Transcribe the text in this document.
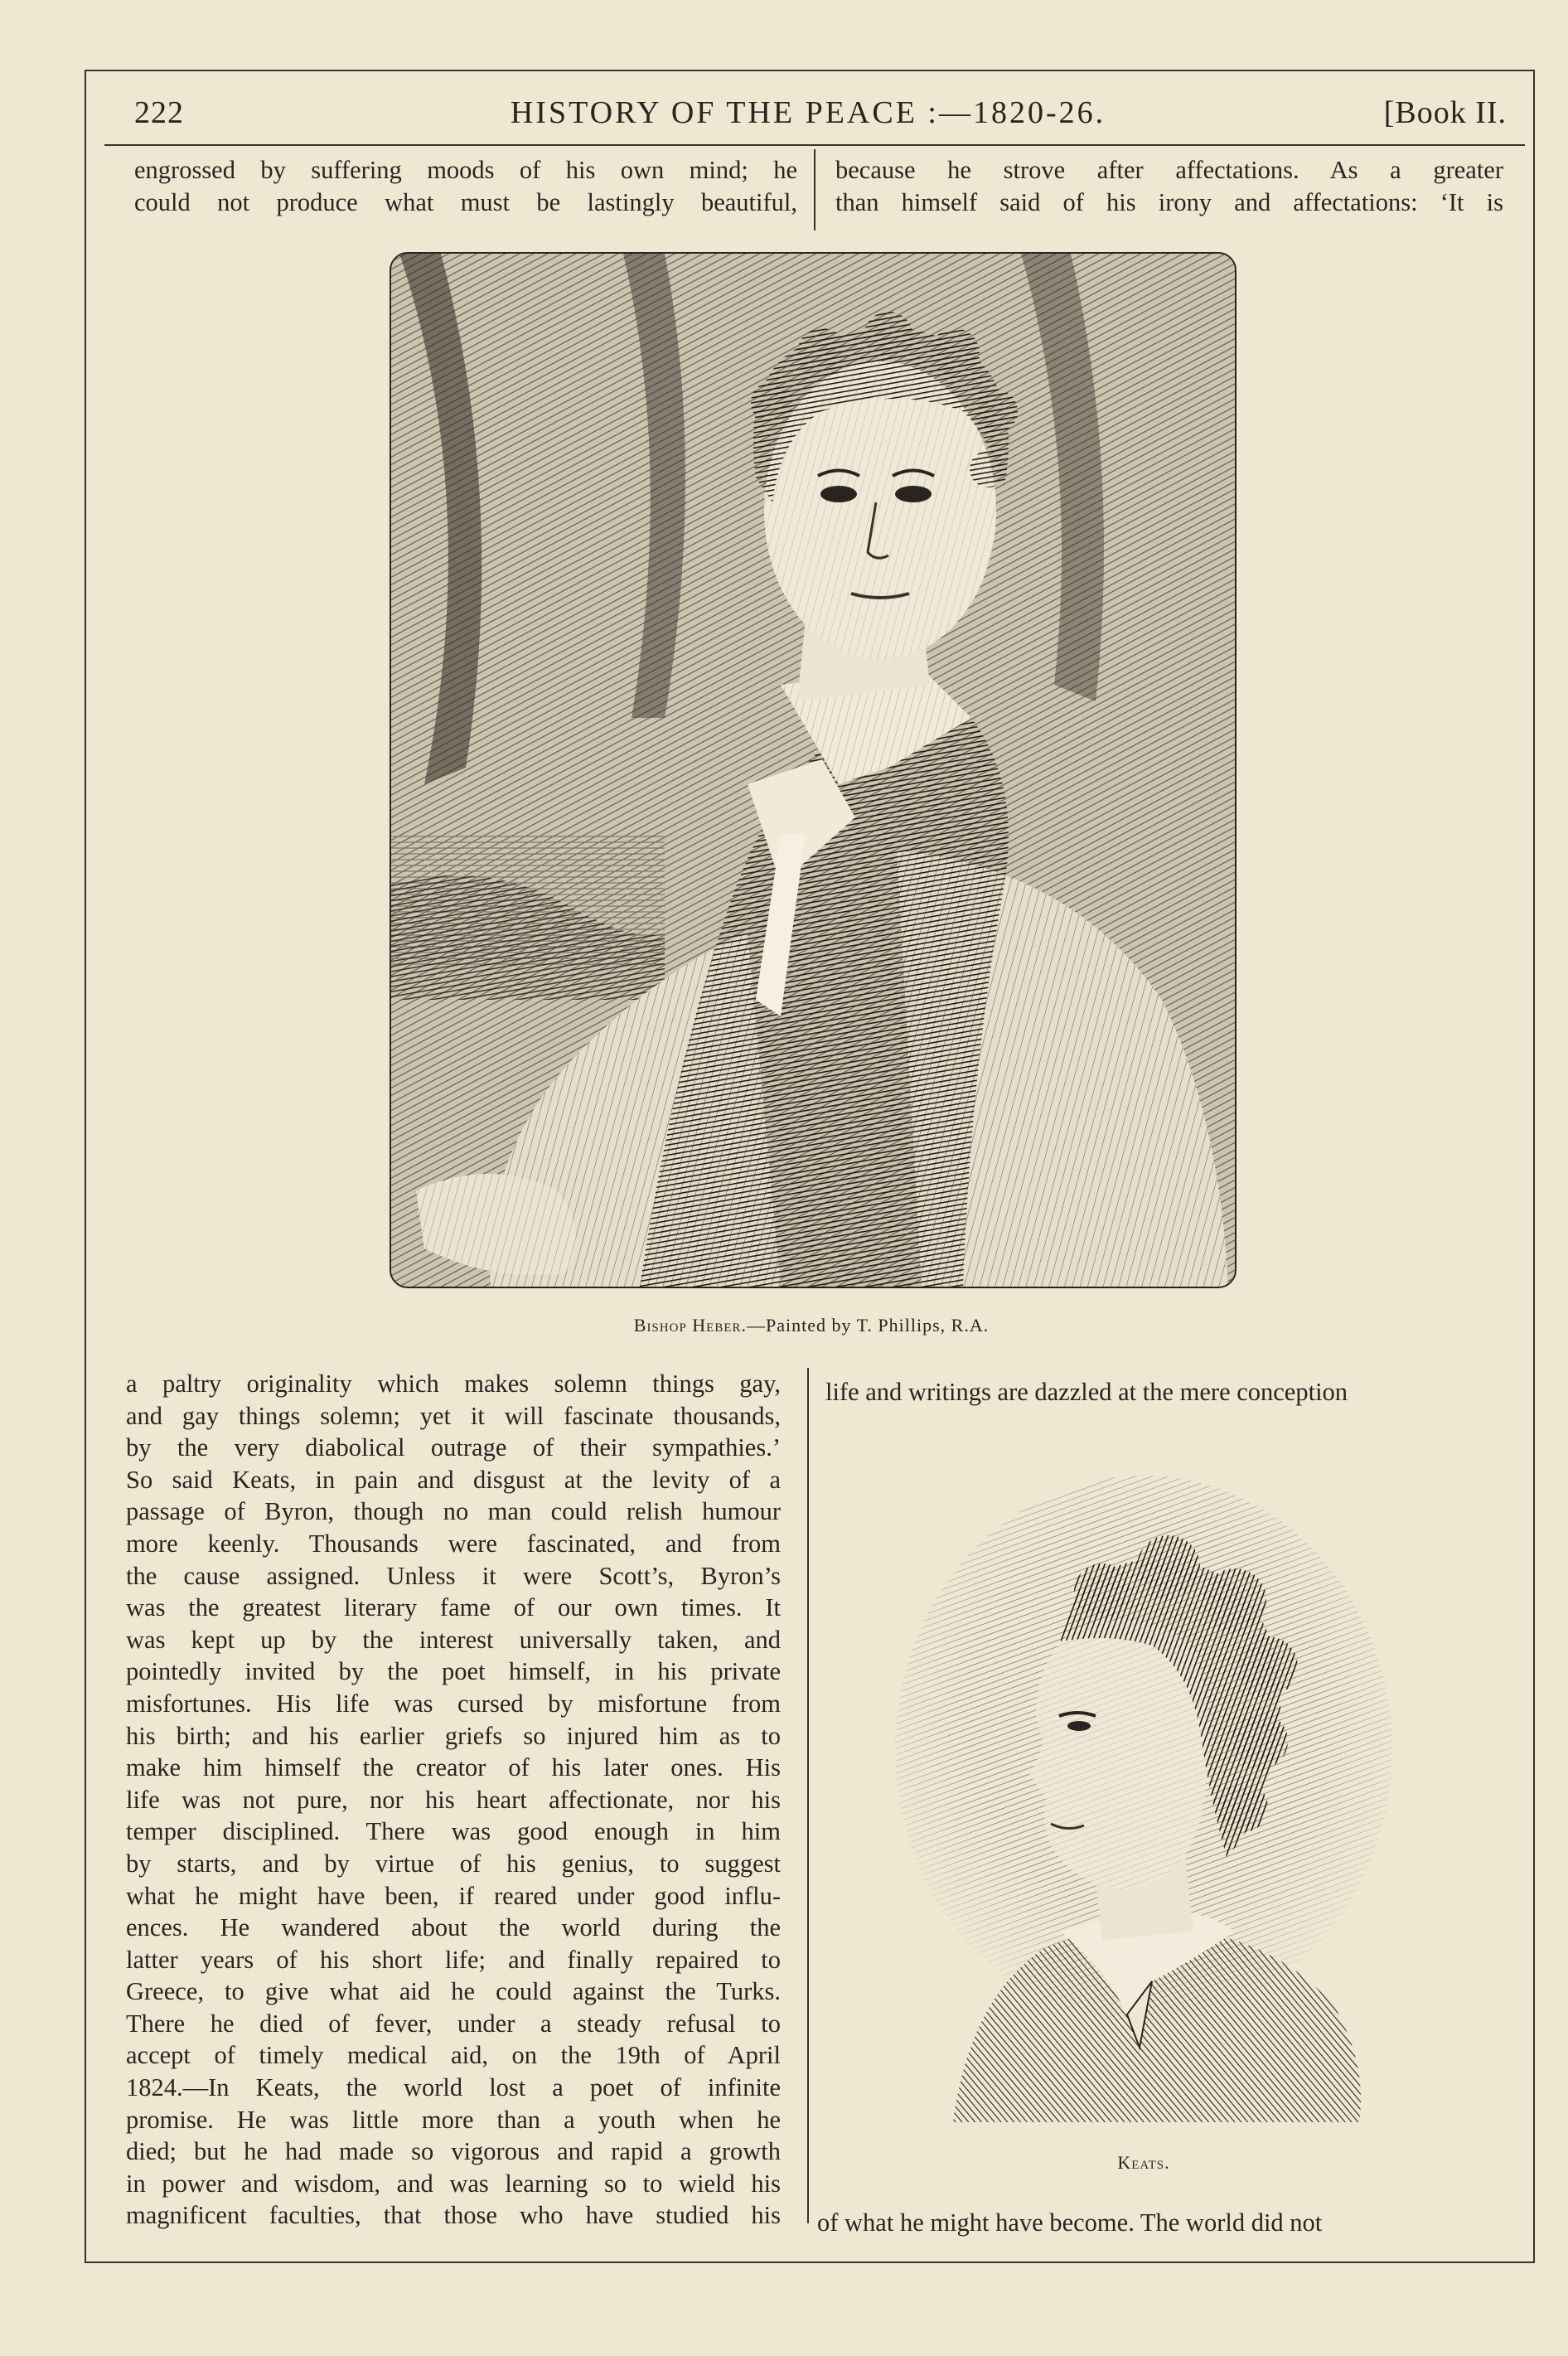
222	HISTORY OF THE PEACE :—1820-26.	[Book II.
engrossed by suffering moods of his own mind; he
could not produce what must be lastingly beautiful,
because he strove after affectations. As a greater
than himself said of his irony and affectations: ‘It is
Bishop Heber.—Painted by T. Phillips, R.A.
a paltry originality which makes solemn things gay,
and gay things solemn; yet it will fascinate thousands,
by the very diabolical outrage of their sympathies.’
So said Keats, in pain and disgust at the levity of a
passage of Byron, though no man could relish humour
more keenly. Thousands were fascinated, and from
the cause assigned. Unless it were Scott’s, Byron’s
was the greatest literary fame of our own times. It
was kept up by the interest universally taken, and
pointedly invited by the poet himself, in his private
misfortunes. His life was cursed by misfortune from
his birth; and his earlier griefs so injured him as to
make him himself the creator of his later ones. His
life was not pure, nor his heart affectionate, nor his
temper disciplined. There was good enough in him
by starts, and by virtue of his genius, to suggest
what he might have been, if reared under good influ-
ences. He wandered about the world during the
latter years of his short life; and finally repaired to
Greece, to give what aid he could against the Turks.
There he died of fever, under a steady refusal to
accept of timely medical aid, on the 19th of April
1824.—In Keats, the world lost a poet of infinite
promise. He was little more than a youth when he
died; but he had made so vigorous and rapid a growth
in power and wisdom, and was learning so to wield his
magnificent faculties, that those who have studied his
life and writings are dazzled at the mere conception
Keats.
of what he might have become. The world did not
